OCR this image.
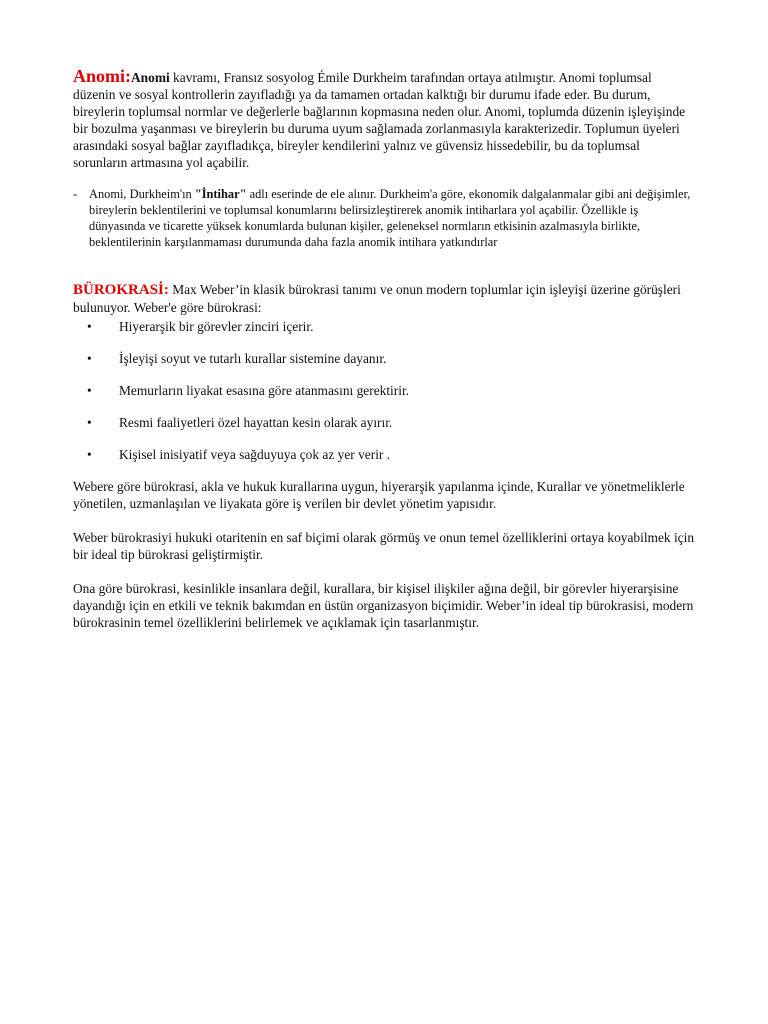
Anomi:Anomi kavramı, Fransız sosyolog Émile Durkheim tarafından ortaya atılmıştır. Anomi toplumsal düzenin ve sosyal kontrollerin zayıfladığı ya da tamamen ortadan kalktığı bir durumu ifade eder. Bu durum, bireylerin toplumsal normlar ve değerlerle bağlarının kopmasına neden olur. Anomi, toplumda düzenin işleyişinde bir bozulma yaşanması ve bireylerin bu duruma uyum sağlamada zorlanmasıyla karakterizedir. Toplumun üyeleri arasındaki sosyal bağlar zayıfladıkça, bireyler kendilerini yalnız ve güvensiz hissedebilir, bu da toplumsal sorunların artmasına yol açabilir.

- Anomi, Durkheim'ın "İntihar" adlı eserinde de ele alınır. Durkheim'a göre, ekonomik dalgalanmalar gibi ani değişimler, bireylerin beklentilerini ve toplumsal konumlarını belirsizleştirerek anomik intiharlara yol açabilir. Özellikle iş dünyasında ve ticarette yüksek konumlarda bulunan kişiler, geleneksel normların etkisinin azalmasıyla birlikte, beklentilerinin karşılanmaması durumunda daha fazla anomik intihara yatkındırlar

BÜROKRASİ: Max Weber’in klasik bürokrasi tanımı ve onun modern toplumlar için işleyişi üzerine görüşleri bulunuyor. Weber'e göre bürokrasi:

•	Hiyerarşik bir görevler zinciri içerir.
•	İşleyişi soyut ve tutarlı kurallar sistemine dayanır.
•	Memurların liyakat esasına göre atanmasını gerektirir.
•	Resmi faaliyetleri özel hayattan kesin olarak ayırır.
•	Kişisel inisiyatif veya sağduyuya çok az yer verir .

Webere göre bürokrasi, akla ve hukuk kurallarına uygun, hiyerarşik yapılanma içinde, Kurallar ve yönetmeliklerle yönetilen, uzmanlaşılan ve liyakata göre iş verilen bir devlet yönetim yapısıdır.

Weber bürokrasiyi hukuki otaritenin en saf biçimi olarak görmüş ve onun temel özelliklerini ortaya koyabilmek için bir ideal tip bürokrasi geliştirmiştir.

Ona göre bürokrasi, kesinlikle insanlara değil, kurallara, bir kişisel ilişkiler ağına değil, bir görevler hiyerarşisine dayandığı için en etkili ve teknik bakımdan en üstün organizasyon biçimidir. Weber’in ideal tip bürokrasisi, modern bürokrasinin temel özelliklerini belirlemek ve açıklamak için tasarlanmıştır.
